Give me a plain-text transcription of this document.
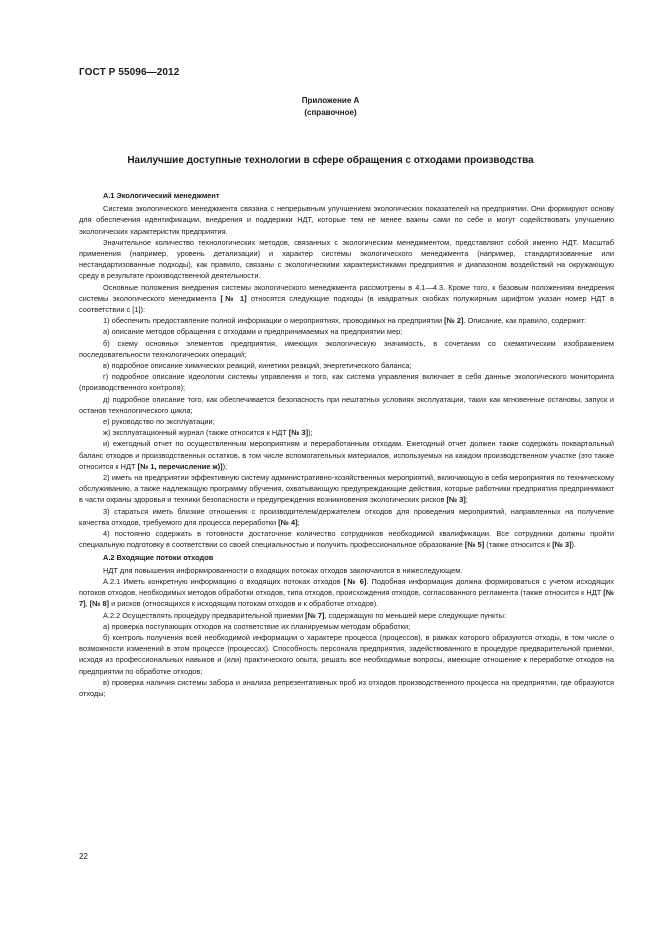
ГОСТ Р 55096—2012
Приложение А
(справочное)
Наилучшие доступные технологии в сфере обращения с отходами производства

А.1 Экологический менеджмент

Система экологического менеджмента связана с непрерывным улучшением экологических показателей на предприятии. Они формируют основу для обеспечения идентификации, внедрения и поддержки НДТ, которые тем не менее важны сами по себе и могут содействовать улучшению экологических характеристик предприятия.

Значительное количество технологических методов, связанных с экологическим менеджментом, представляют собой именно НДТ. Масштаб применения (например, уровень детализации) и характер системы экологического менеджмента (например, стандартизованные или нестандартизованные подходы), как правило, связаны с экологическими характеристиками предприятия и диапазоном воздействий на окружающую среду в результате производственной деятельности.

Основные положения внедрения системы экологического менеджмента рассмотрены в 4.1—4.3. Кроме того, к базовым положениям внедрения системы экологического менеджмента [№ 1] относятся следующие подходы (в квадратных скобках полужирным шрифтом указан номер НДТ в соответствии с [1]):

1) обеспечить предоставление полной информации о мероприятиях, проводимых на предприятии [№ 2]. Описание, как правило, содержит:

а) описание методов обращения с отходами и предпринимаемых на предприятии мер;

б) схему основных элементов предприятия, имеющих экологическую значимость, в сочетании со схематическим изображением последовательности технологических операций;

в) подробное описание химических реакций, кинетики реакций, энергетического баланса;

г) подробное описание идеологии системы управления и того, как система управления включает в себя данные экологического мониторинга (производственного контроля);

д) подробное описание того, как обеспечивается безопасность при нештатных условиях эксплуатации, таких как мгновенные остановы, запуск и останов технологического цикла;

е) руководство по эксплуатации;

ж) эксплуатационный журнал (также относится к НДТ [№ 3]);

и) ежегодный отчет по осуществленным мероприятиям и переработанным отходам. Ежегодный отчет должен также содержать поквартальный баланс отходов и производственных остатков, в том числе вспомогательных материалов, используемых на каждом производственном участке (это также относится к НДТ [№ 1, перечисление ж)]);

2) иметь на предприятии эффективную систему административно-хозяйственных мероприятий, включающую в себя мероприятия по техническому обслуживанию, а также надлежащую программу обучения, охватывающую предупреждающие действия, которые работники предприятия предпринимают в части охраны здоровья и техники безопасности и предупреждения возникновения экологических рисков [№ 3];

3) стараться иметь близкие отношения с производителем/держателем отходов для проведения мероприятий, направленных на получение качества отходов, требуемого для процесса переработки [№ 4];

4) постоянно содержать в готовности достаточное количество сотрудников необходимой квалификации. Все сотрудники должны пройти специальную подготовку в соответствии со своей специальностью и получить профессиональное образование [№ 5] (также относится к [№ 3]).

А.2 Входящие потоки отходов

НДТ для повышения информированности о входящих потоках отходов заключаются в нижеследующем.

А.2.1 Иметь конкретную информацию о входящих потоках отходов [№ 6]. Подобная информация должна формироваться с учетом исходящих потоков отходов, необходимых методов обработки отходов, типа отходов, происхождения отходов, согласованного регламента (также относится к НДТ [№ 7], [№ 8] и рисков (относящихся к исходящим потокам отходов и к обработке отходов).

А.2.2 Осуществлять процедуру предварительной приемки [№ 7], содержащую по меньшей мере следующие пункты:

а) проверка поступающих отходов на соответствие их планируемым методам обработки;

б) контроль получения всей необходимой информации о характере процесса (процессов), в рамках которого образуются отходы, в том числе о возможности изменений в этом процессе (процессах). Способность персонала предприятия, задействованного в процедуре предварительной приемки, исходя из профессиональных навыков и (или) практического опыта, решать все необходимые вопросы, имеющие отношение к переработке отходов на предприятии по обработке отходов;

в) проверка наличия системы забора и анализа репрезентативных проб из отходов производственного процесса на предприятии, где образуются отходы;

22
